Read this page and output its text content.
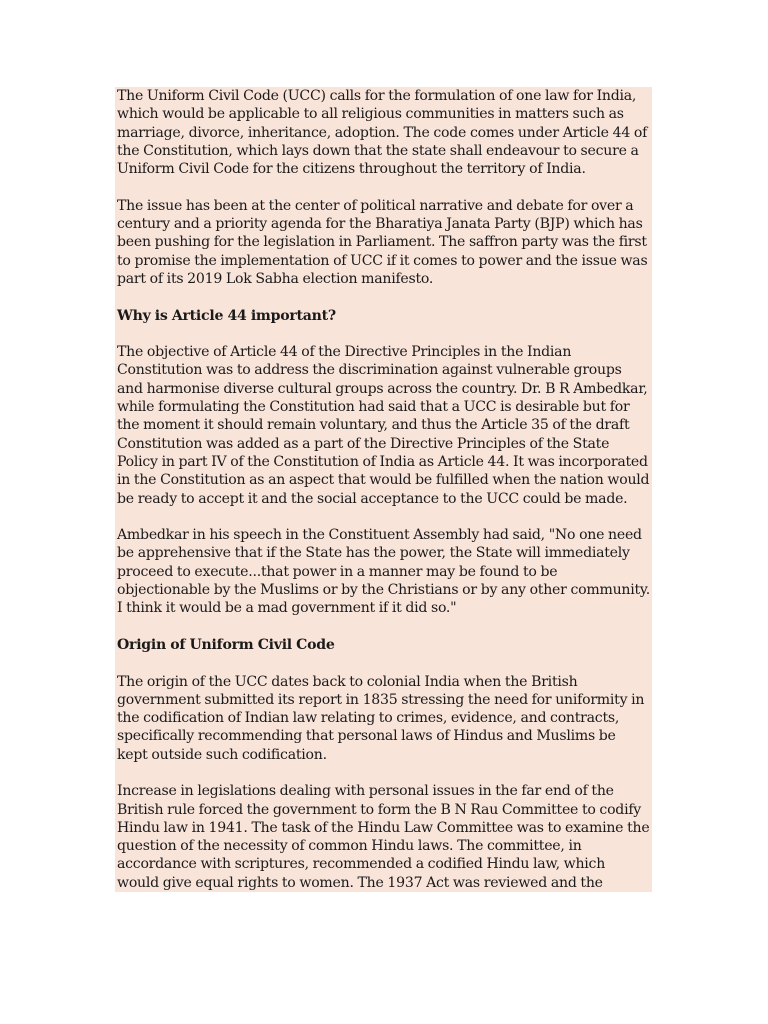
The Uniform Civil Code (UCC) calls for the formulation of one law for India, which would be applicable to all religious communities in matters such as marriage, divorce, inheritance, adoption. The code comes under Article 44 of the Constitution, which lays down that the state shall endeavour to secure a Uniform Civil Code for the citizens throughout the territory of India.

The issue has been at the center of political narrative and debate for over a century and a priority agenda for the Bharatiya Janata Party (BJP) which has been pushing for the legislation in Parliament. The saffron party was the first to promise the implementation of UCC if it comes to power and the issue was part of its 2019 Lok Sabha election manifesto.

Why is Article 44 important?

The objective of Article 44 of the Directive Principles in the Indian Constitution was to address the discrimination against vulnerable groups and harmonise diverse cultural groups across the country. Dr. B R Ambedkar, while formulating the Constitution had said that a UCC is desirable but for the moment it should remain voluntary, and thus the Article 35 of the draft Constitution was added as a part of the Directive Principles of the State Policy in part IV of the Constitution of India as Article 44. It was incorporated in the Constitution as an aspect that would be fulfilled when the nation would be ready to accept it and the social acceptance to the UCC could be made.

Ambedkar in his speech in the Constituent Assembly had said, "No one need be apprehensive that if the State has the power, the State will immediately proceed to execute...that power in a manner may be found to be objectionable by the Muslims or by the Christians or by any other community. I think it would be a mad government if it did so."

Origin of Uniform Civil Code

The origin of the UCC dates back to colonial India when the British government submitted its report in 1835 stressing the need for uniformity in the codification of Indian law relating to crimes, evidence, and contracts, specifically recommending that personal laws of Hindus and Muslims be kept outside such codification.

Increase in legislations dealing with personal issues in the far end of the British rule forced the government to form the B N Rau Committee to codify Hindu law in 1941. The task of the Hindu Law Committee was to examine the question of the necessity of common Hindu laws. The committee, in accordance with scriptures, recommended a codified Hindu law, which would give equal rights to women. The 1937 Act was reviewed and the
